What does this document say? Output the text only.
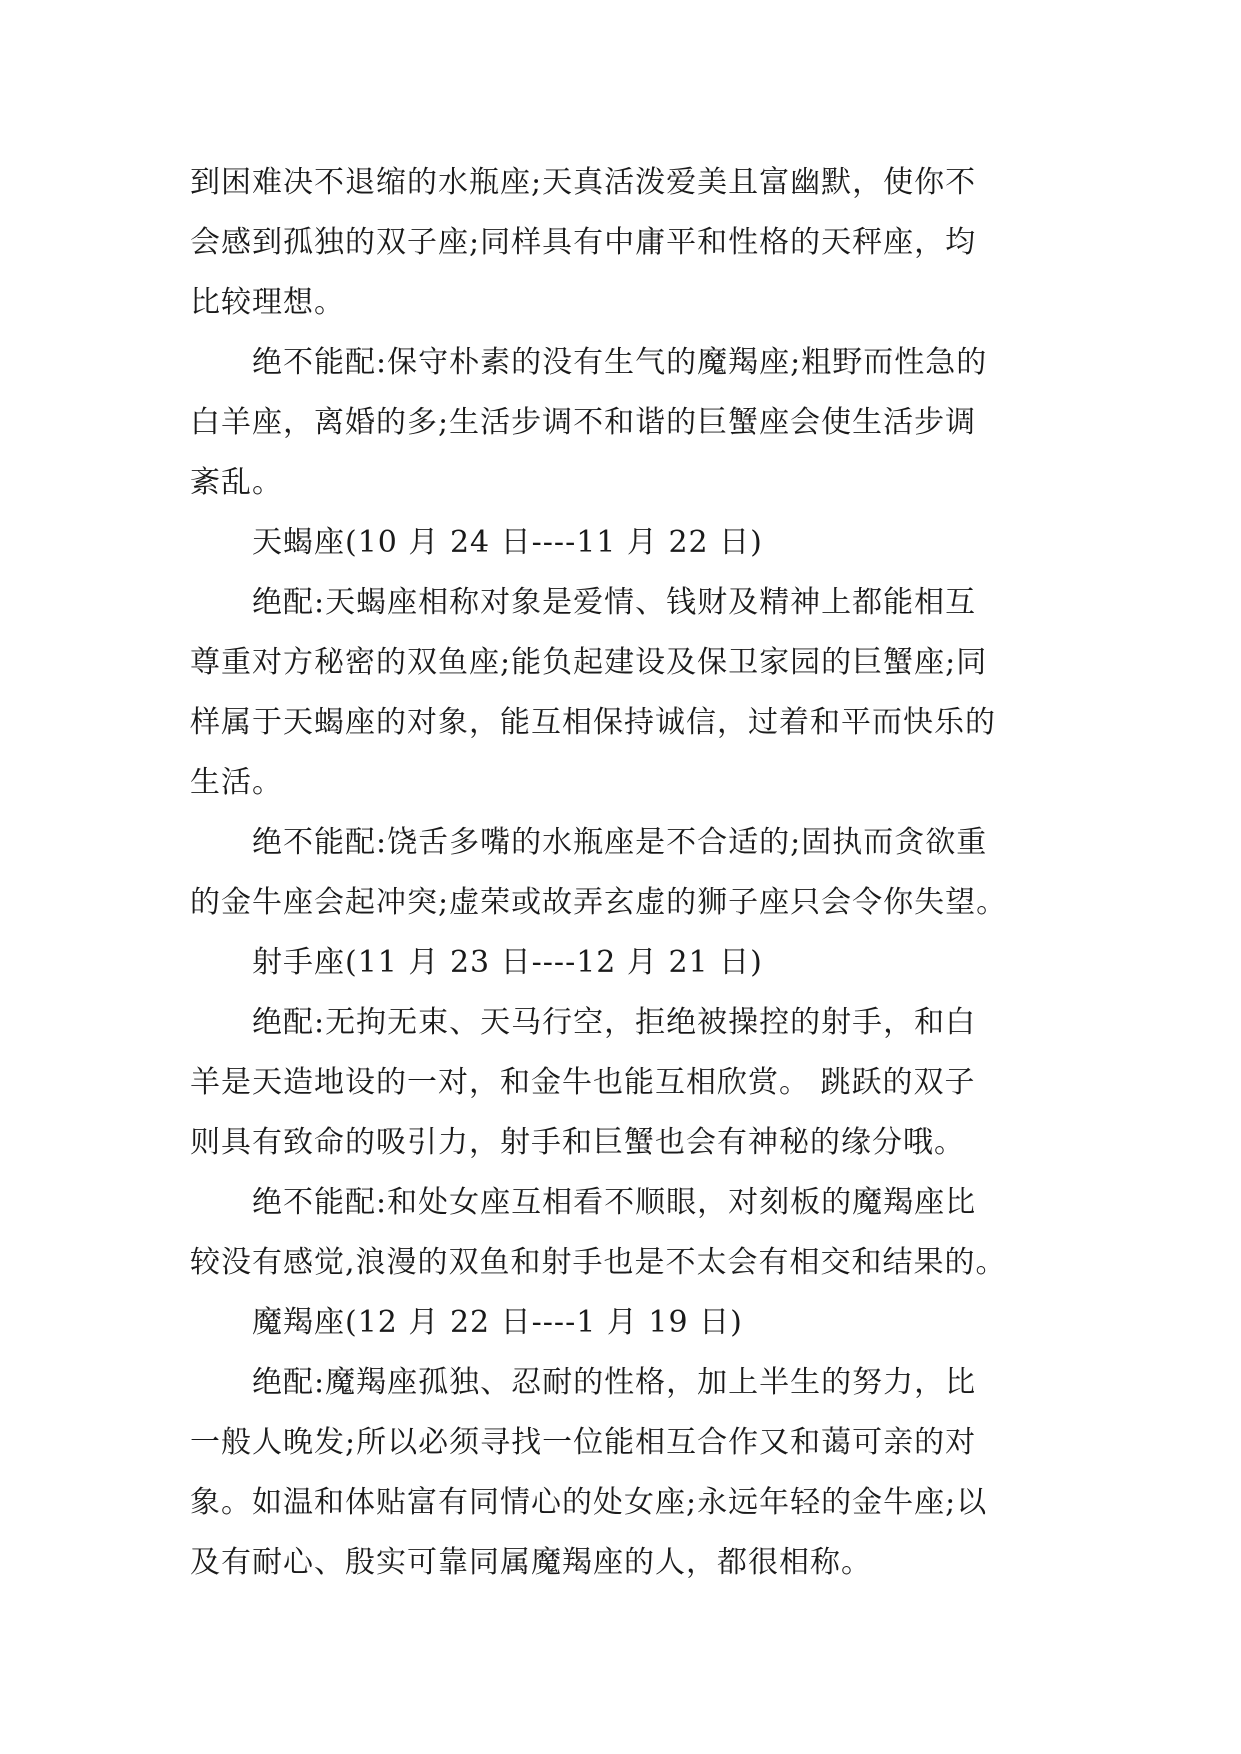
到困难决不退缩的水瓶座;天真活泼爱美且富幽默，使你不
会感到孤独的双子座;同样具有中庸平和性格的天秤座，均
比较理想。
绝不能配:保守朴素的没有生气的魔羯座;粗野而性急的
白羊座，离婚的多;生活步调不和谐的巨蟹座会使生活步调
紊乱。
天蝎座(10 月 24 日----11 月 22 日)
绝配:天蝎座相称对象是爱情、钱财及精神上都能相互
尊重对方秘密的双鱼座;能负起建设及保卫家园的巨蟹座;同
样属于天蝎座的对象，能互相保持诚信，过着和平而快乐的
生活。
绝不能配:饶舌多嘴的水瓶座是不合适的;固执而贪欲重
的金牛座会起冲突;虚荣或故弄玄虚的狮子座只会令你失望。
射手座(11 月 23 日----12 月 21 日)
绝配:无拘无束、天马行空，拒绝被操控的射手，和白
羊是天造地设的一对，和金牛也能互相欣赏。 跳跃的双子
则具有致命的吸引力，射手和巨蟹也会有神秘的缘分哦。
绝不能配:和处女座互相看不顺眼，对刻板的魔羯座比
较没有感觉,浪漫的双鱼和射手也是不太会有相交和结果的。
魔羯座(12 月 22 日----1 月 19 日)
绝配:魔羯座孤独、忍耐的性格，加上半生的努力，比
一般人晚发;所以必须寻找一位能相互合作又和蔼可亲的对
象。如温和体贴富有同情心的处女座;永远年轻的金牛座;以
及有耐心、殷实可靠同属魔羯座的人，都很相称。
